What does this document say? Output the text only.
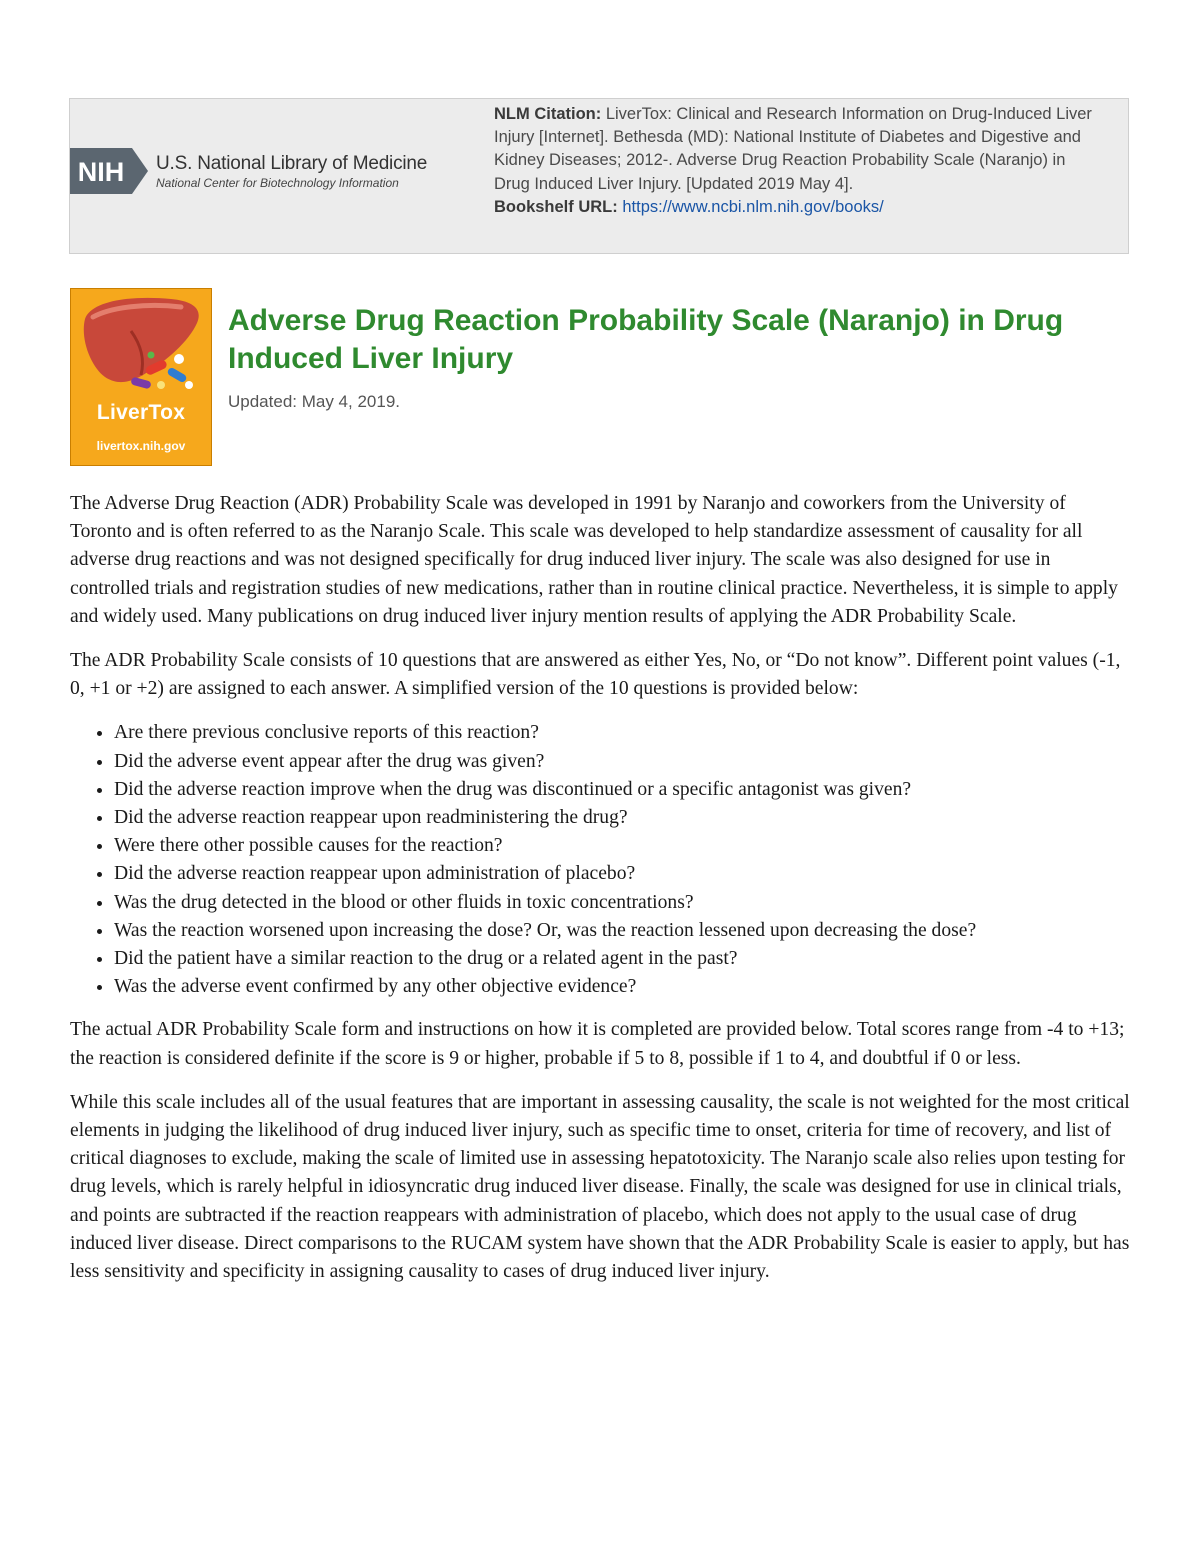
NIH U.S. National Library of Medicine
National Center for Biotechnology Information
NLM Citation: LiverTox: Clinical and Research Information on Drug-Induced Liver Injury [Internet]. Bethesda (MD): National Institute of Diabetes and Digestive and Kidney Diseases; 2012-. Adverse Drug Reaction Probability Scale (Naranjo) in Drug Induced Liver Injury. [Updated 2019 May 4].
Bookshelf URL: https://www.ncbi.nlm.nih.gov/books/
LiverTox
livertox.nih.gov
Adverse Drug Reaction Probability Scale (Naranjo) in Drug Induced Liver Injury
Updated: May 4, 2019.

The Adverse Drug Reaction (ADR) Probability Scale was developed in 1991 by Naranjo and coworkers from the University of Toronto and is often referred to as the Naranjo Scale. This scale was developed to help standardize assessment of causality for all adverse drug reactions and was not designed specifically for drug induced liver injury. The scale was also designed for use in controlled trials and registration studies of new medications, rather than in routine clinical practice. Nevertheless, it is simple to apply and widely used. Many publications on drug induced liver injury mention results of applying the ADR Probability Scale.

The ADR Probability Scale consists of 10 questions that are answered as either Yes, No, or “Do not know”. Different point values (-1, 0, +1 or +2) are assigned to each answer. A simplified version of the 10 questions is provided below:

• Are there previous conclusive reports of this reaction?
• Did the adverse event appear after the drug was given?
• Did the adverse reaction improve when the drug was discontinued or a specific antagonist was given?
• Did the adverse reaction reappear upon readministering the drug?
• Were there other possible causes for the reaction?
• Did the adverse reaction reappear upon administration of placebo?
• Was the drug detected in the blood or other fluids in toxic concentrations?
• Was the reaction worsened upon increasing the dose? Or, was the reaction lessened upon decreasing the dose?
• Did the patient have a similar reaction to the drug or a related agent in the past?
• Was the adverse event confirmed by any other objective evidence?

The actual ADR Probability Scale form and instructions on how it is completed are provided below. Total scores range from -4 to +13; the reaction is considered definite if the score is 9 or higher, probable if 5 to 8, possible if 1 to 4, and doubtful if 0 or less.

While this scale includes all of the usual features that are important in assessing causality, the scale is not weighted for the most critical elements in judging the likelihood of drug induced liver injury, such as specific time to onset, criteria for time of recovery, and list of critical diagnoses to exclude, making the scale of limited use in assessing hepatotoxicity. The Naranjo scale also relies upon testing for drug levels, which is rarely helpful in idiosyncratic drug induced liver disease. Finally, the scale was designed for use in clinical trials, and points are subtracted if the reaction reappears with administration of placebo, which does not apply to the usual case of drug induced liver disease. Direct comparisons to the RUCAM system have shown that the ADR Probability Scale is easier to apply, but has less sensitivity and specificity in assigning causality to cases of drug induced liver injury.
